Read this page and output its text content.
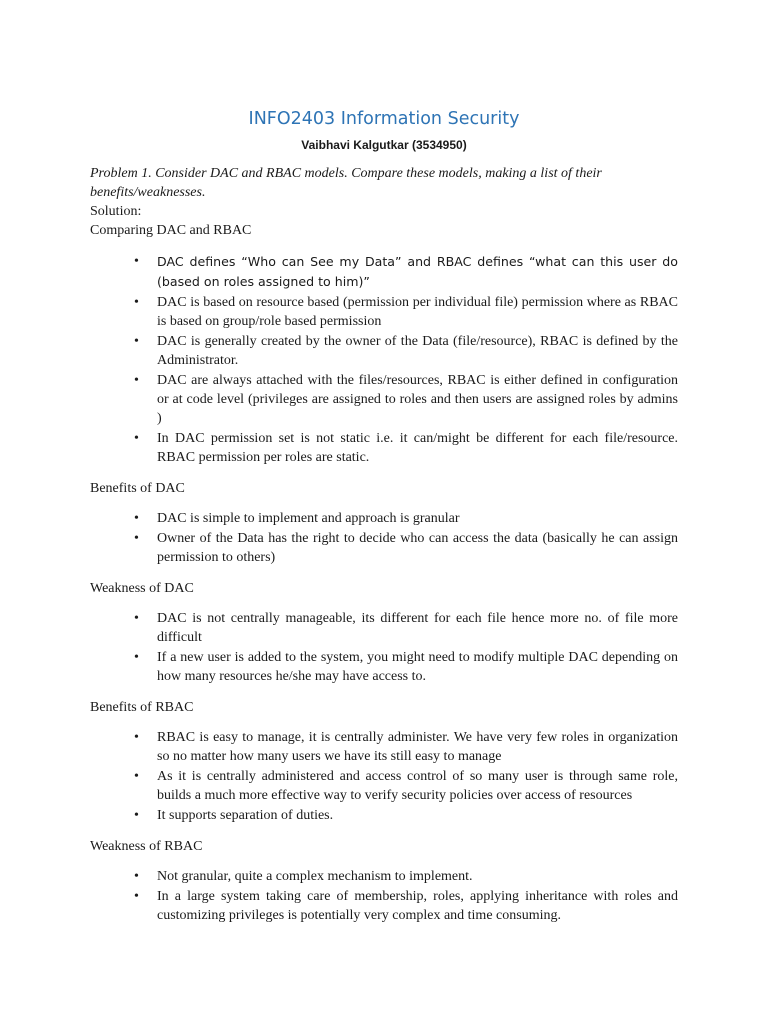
INFO2403 Information Security
Vaibhavi Kalgutkar (3534950)

Problem 1. Consider DAC and RBAC models. Compare these models, making a list of their benefits/weaknesses.

Solution:

Comparing DAC and RBAC

• DAC defines “Who can See my Data” and RBAC defines “what can this user do (based on roles assigned to him)”
• DAC is based on resource based (permission per individual file) permission where as RBAC is based on group/role based permission
• DAC is generally created by the owner of the Data (file/resource), RBAC is defined by the Administrator.
• DAC are always attached with the files/resources, RBAC is either defined in configuration or at code level (privileges are assigned to roles and then users are assigned roles by admins )
• In DAC permission set is not static i.e. it can/might be different for each file/resource. RBAC permission per roles are static.

Benefits of DAC

• DAC is simple to implement and approach is granular
• Owner of the Data has the right to decide who can access the data (basically he can assign permission to others)

Weakness of DAC

• DAC is not centrally manageable, its different for each file hence more no. of file more difficult
• If a new user is added to the system, you might need to modify multiple DAC depending on how many resources he/she may have access to.

Benefits of RBAC

• RBAC is easy to manage, it is centrally administer. We have very few roles in organization so no matter how many users we have its still easy to manage
• As it is centrally administered and access control of so many user is through same role, builds a much more effective way to verify security policies over access of resources
• It supports separation of duties.

Weakness of RBAC

• Not granular, quite a complex mechanism to implement.
• In a large system taking care of membership, roles, applying inheritance with roles and customizing privileges is potentially very complex and time consuming.
